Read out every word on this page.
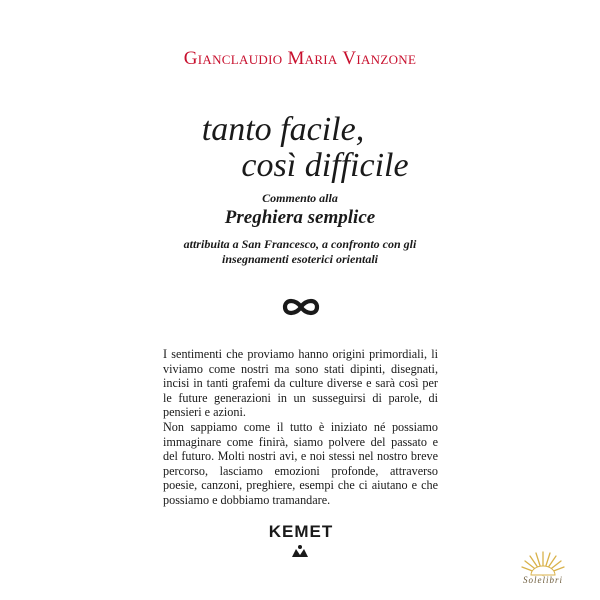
Gianclaudio Maria Vianzone
tanto facile,
così difficile
Commento alla
Preghiera semplice
attribuita a San Francesco, a confronto con gli
insegnamenti esoterici orientali

I sentimenti che proviamo hanno origini primordiali, li viviamo come nostri ma sono stati dipinti, disegnati, incisi in tanti grafemi da culture diverse e sarà così per le future generazioni in un susseguirsi di parole, di pensieri e azioni.

Non sappiamo come il tutto è iniziato né possiamo immaginare come finirà, siamo polvere del passato e del futuro. Molti nostri avi, e noi stessi nel nostro breve percorso, lasciamo emozioni profonde, attraverso poesie, canzoni, preghiere, esempi che ci aiutano e che possiamo e dobbiamo tramandare.

KEMET
Solelibri
